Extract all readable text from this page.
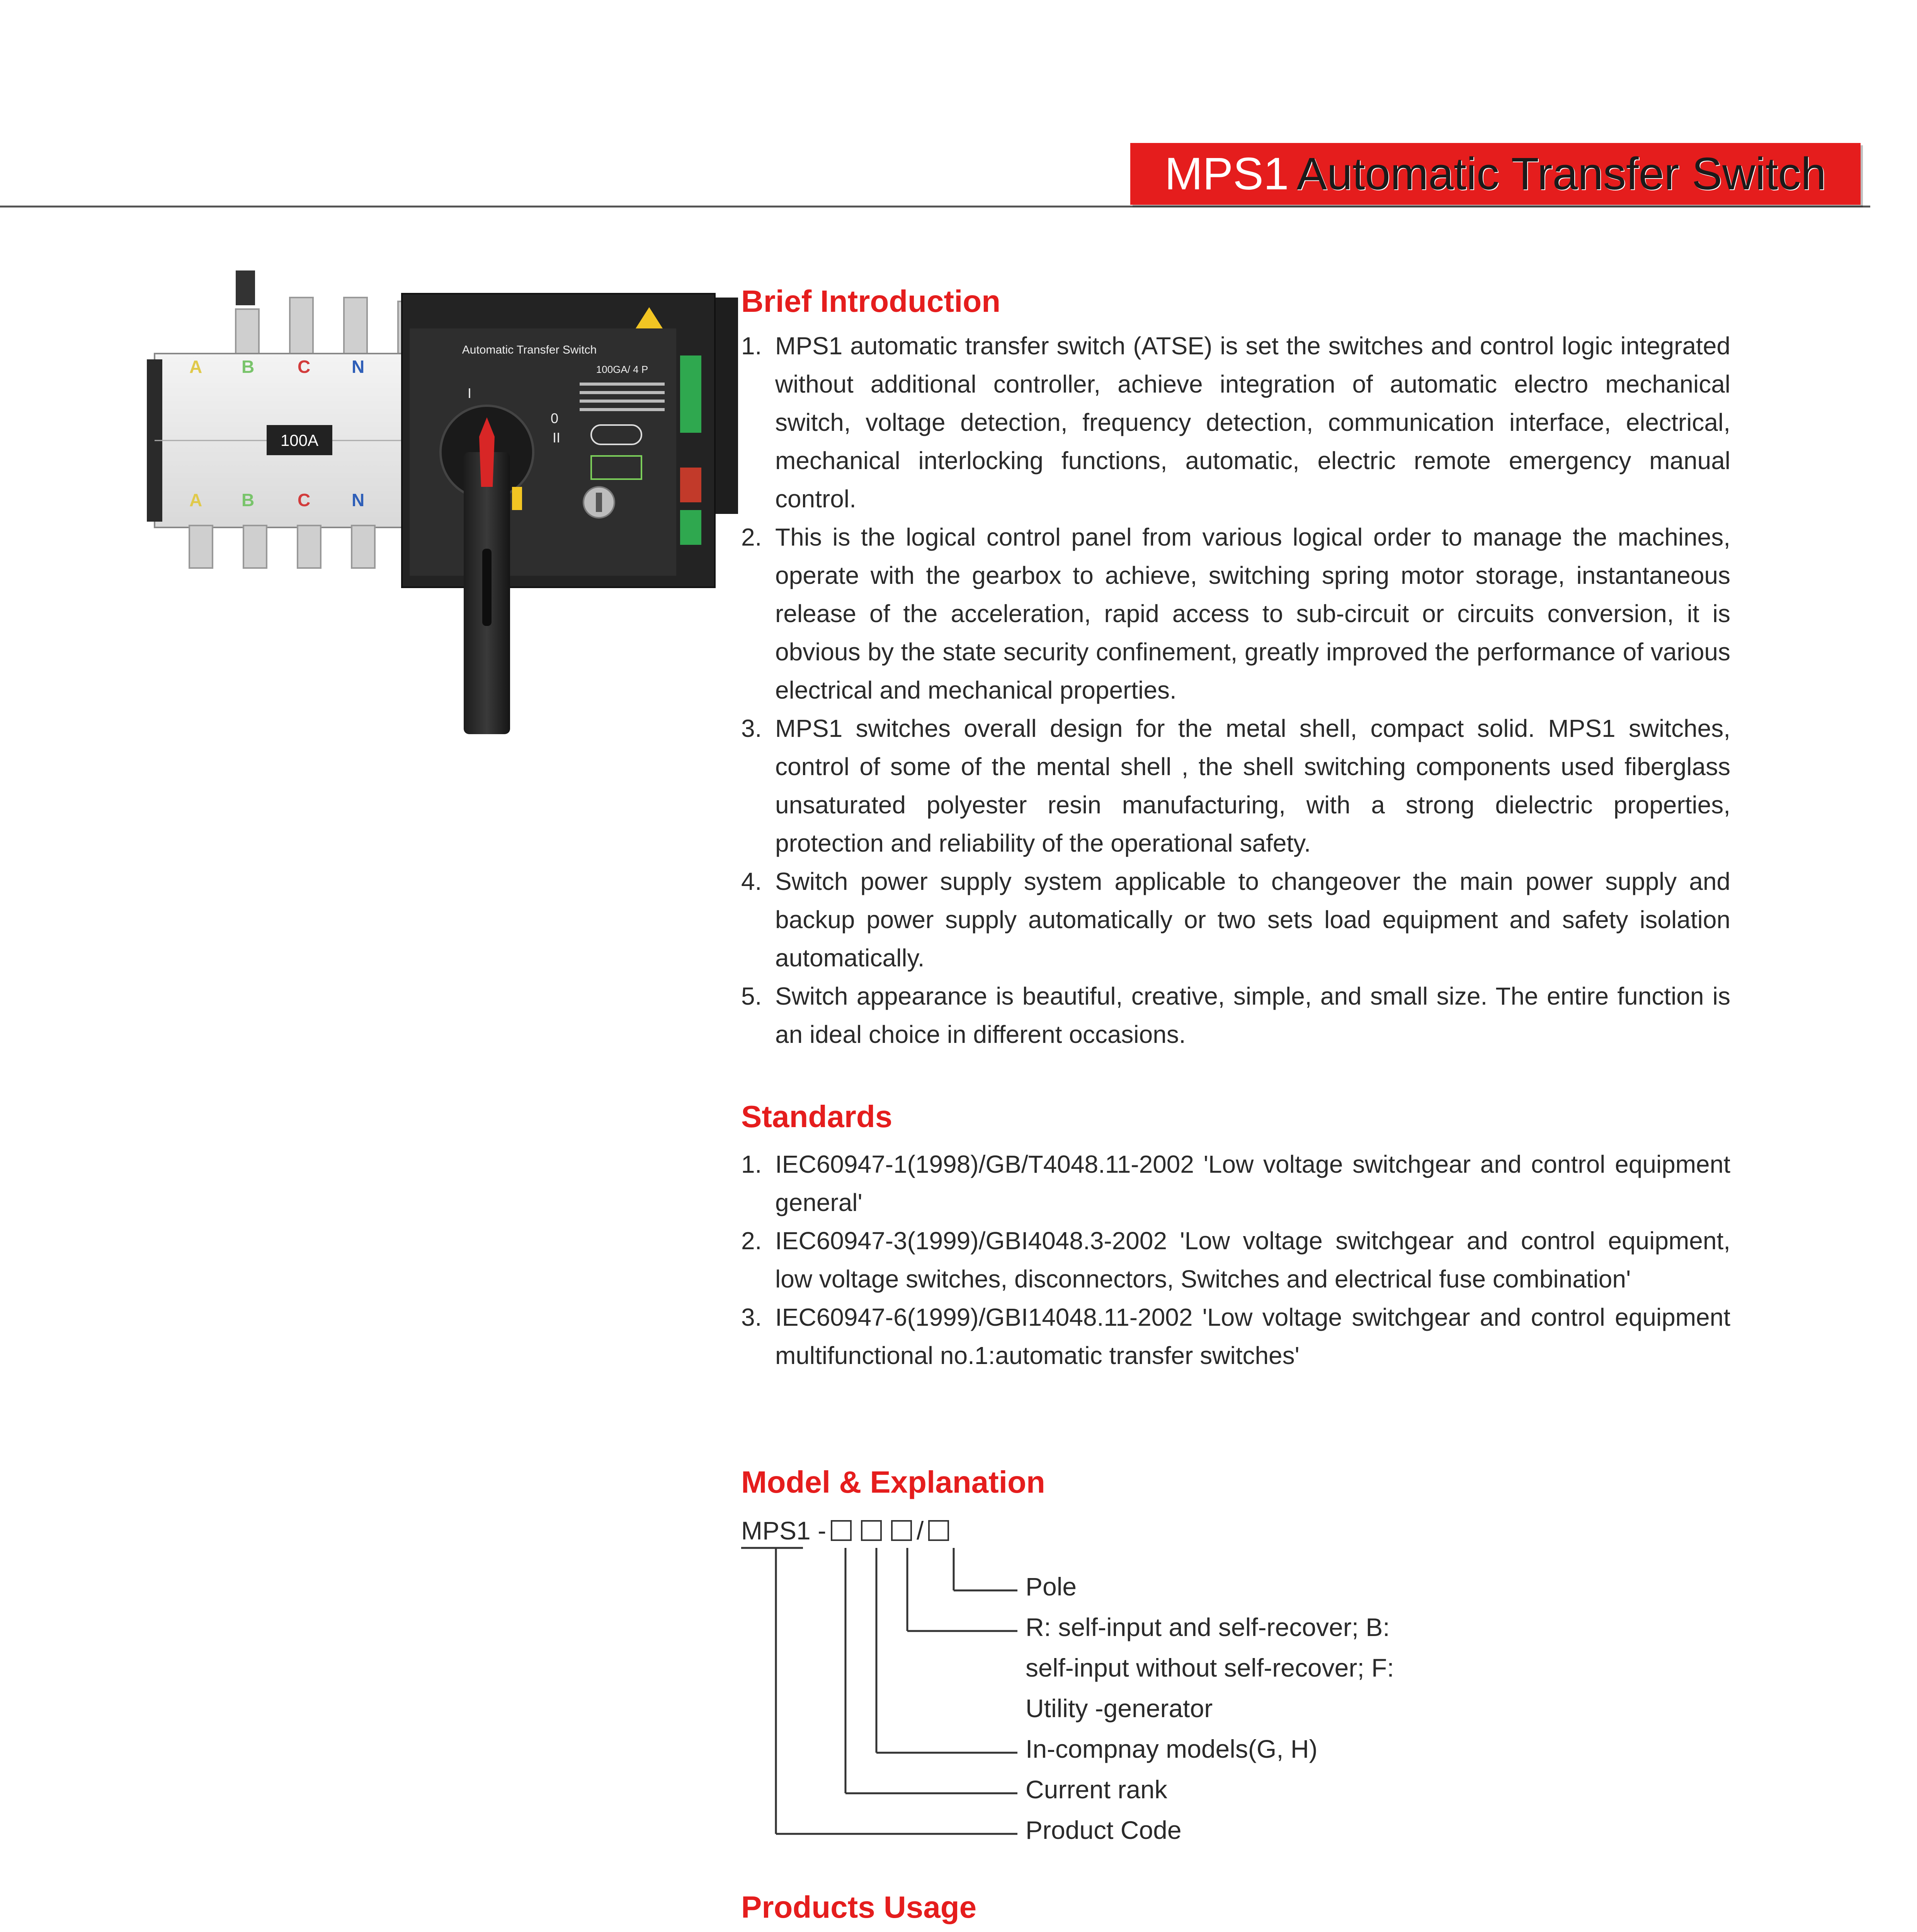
MPS1 Automatic Transfer Switch
A B C N
A B C N
100A
Automatic Transfer Switch
100GA/ 4 P
I
0
II
Brief Introduction
1. MPS1 automatic transfer switch (ATSE) is set the switches and control logic integrated without additional controller, achieve integration of automatic electro mechanical switch, voltage detection, frequency detection, communication interface, electrical, mechanical interlocking functions, automatic, electric remote emergency manual control.
2. This is the logical control panel from various logical order to manage the machines, operate with the gearbox to achieve, switching spring motor storage, instantaneous release of the acceleration, rapid access to sub-circuit or circuits conversion, it is obvious by the state security confinement, greatly improved the performance of various electrical and mechanical properties.
3. MPS1 switches overall design for the metal shell, compact solid. MPS1 switches, control of some of the mental shell , the shell switching components used fiberglass unsaturated polyester resin manufacturing, with a strong dielectric properties, protection and reliability of the operational safety.
4. Switch power supply system applicable to changeover the main power supply and backup power supply automatically or two sets load equipment and safety isolation automatically.
5. Switch appearance is beautiful, creative, simple, and small size. The entire function is an ideal choice in different occasions.
Standards
1. IEC60947-1(1998)/GB/T4048.11-2002 'Low voltage switchgear and control equipment general'
2. IEC60947-3(1999)/GBI4048.3-2002 'Low voltage switchgear and control equipment, low voltage switches, disconnectors, Switches and electrical fuse combination'
3. IEC60947-6(1999)/GBI14048.11-2002 'Low voltage switchgear and control equipment multifunctional no.1:automatic transfer switches'
Model & Explanation
MPS1 -	/
Pole
R: self-input and self-recover; B:
self-input without self-recover; F:
Utility -generator
In-compnay models(G, H)
Current rank
Product Code
Products Usage
